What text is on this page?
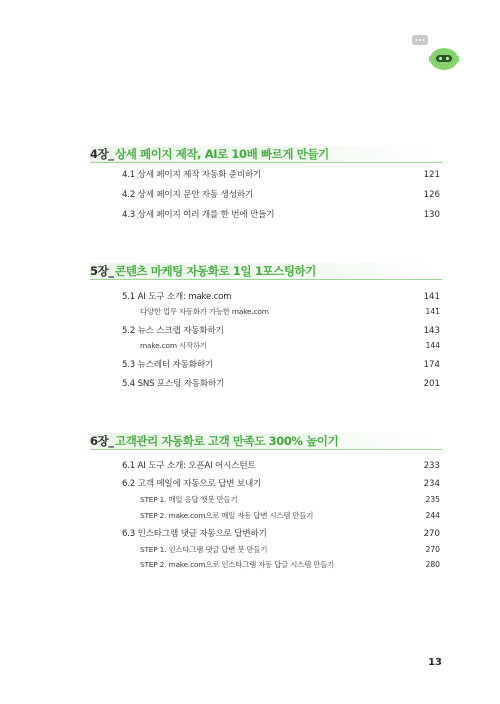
4장_ 상세 페이지 제작, AI로 10배 빠르게 만들기
4.1 상세 페이지 제작 자동화 준비하기	121
4.2 상세 페이지 문안 자동 생성하기	126
4.3 상세 페이지 여러 개를 한 번에 만들기	130
5장_ 콘텐츠 마케팅 자동화로 1일 1포스팅하기
5.1 AI 도구 소개: make.com	141
다양한 업무 자동화가 가능한 make.com	141
5.2 뉴스 스크랩 자동화하기	143
make.com 시작하기	144
5.3 뉴스레터 자동화하기	174
5.4 SNS 포스팅 자동화하기	201
6장_ 고객관리 자동화로 고객 만족도 300% 높이기
6.1 AI 도구 소개: 오픈AI 어시스턴트	233
6.2 고객 메일에 자동으로 답변 보내기	234
STEP 1. 메일 응답 챗봇 만들기	235
STEP 2. make.com으로 메일 자동 답변 시스템 만들기	244
6.3 인스타그램 댓글 자동으로 답변하기	270
STEP 1. 인스타그램 댓글 답변 봇 만들기	270
STEP 2. make.com으로 인스타그램 자동 답글 시스템 만들기	280
13
